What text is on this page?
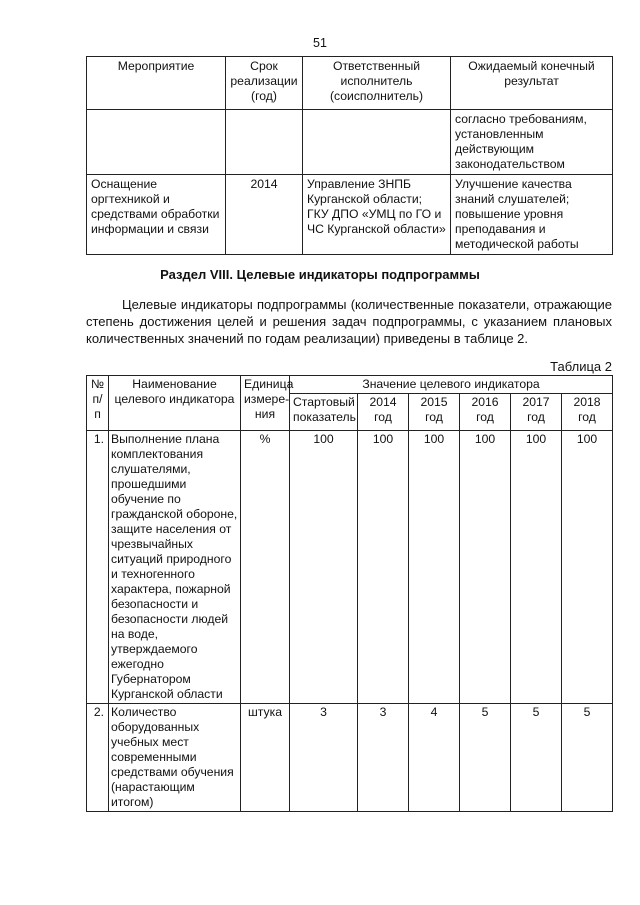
51
Мероприятие	Срок реализации (год)	Ответственный исполнитель (соисполнитель)	Ожидаемый конечный результат
			согласно требованиям, установленным действующим законодательством
Оснащение оргтехникой и средствами обработки информации и связи	2014	Управление ЗНПБ Курганской области; ГКУ ДПО «УМЦ по ГО и ЧС Курганской области»	Улучшение качества знаний слушателей; повышение уровня преподавания и методической работы
Раздел VIII. Целевые индикаторы подпрограммы

Целевые индикаторы подпрограммы (количественные показатели, отражающие степень достижения целей и решения задач подпрограммы, с указанием плановых количественных значений по годам реализации) приведены в таблице 2.

Таблица 2
№ п/п	Наименование целевого индикатора	Единица измере-ния	Значение целевого индикатора					
			Стартовый показатель	2014 год	2015 год	2016 год	2017 год	2018 год
1.	Выполнение плана комплектования слушателями, прошедшими обучение по гражданской обороне, защите населения от чрезвычайных ситуаций природного и техногенного характера, пожарной безопасности и безопасности людей на воде, утверждаемого ежегодно Губернатором Курганской области	%	100	100	100	100	100	100
2.	Количество оборудованных учебных мест современными средствами обучения (нарастающим итогом)	штука	3	3	4	5	5	5
